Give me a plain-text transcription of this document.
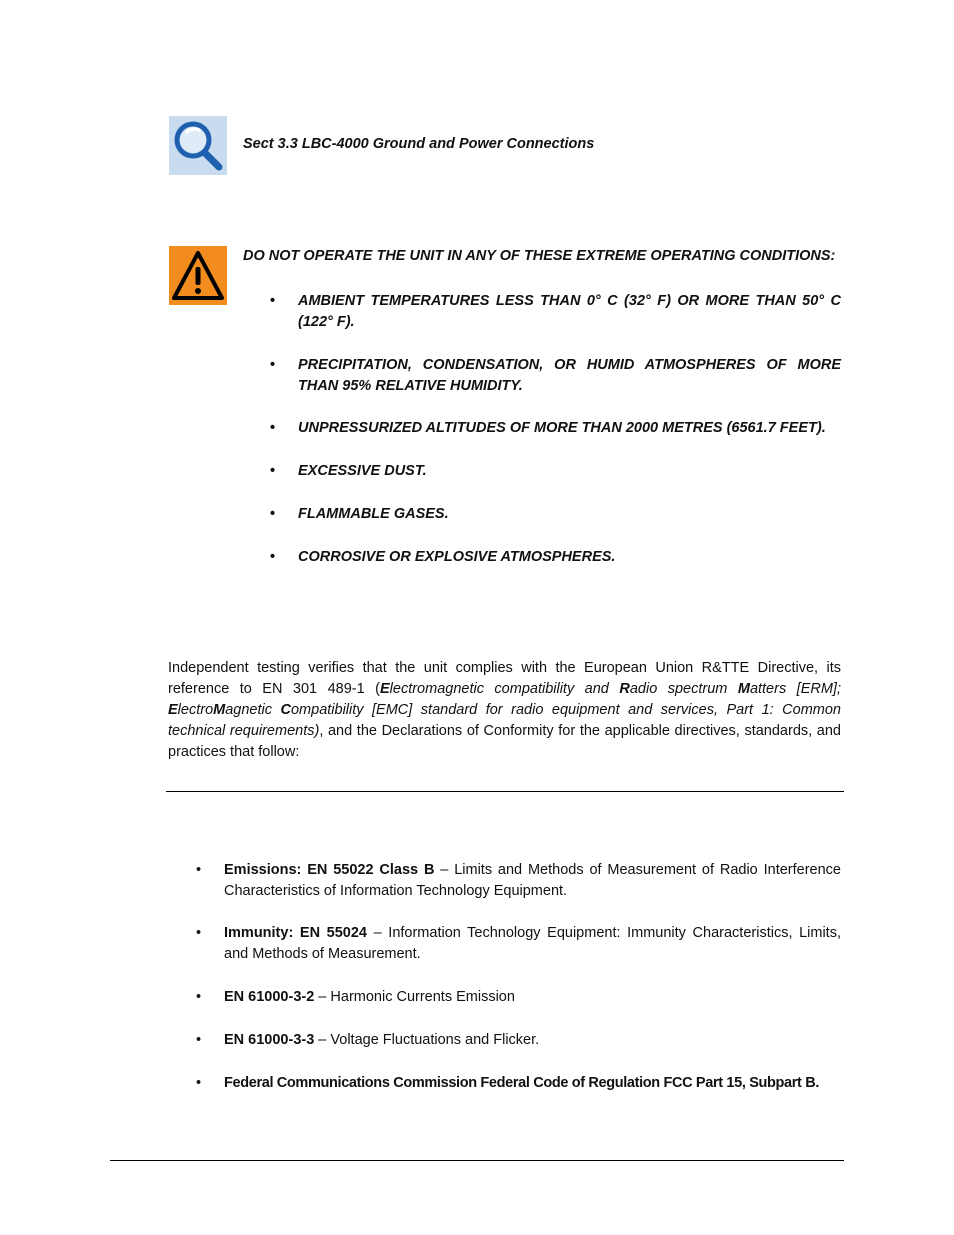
Sect 3.3 LBC-4000 Ground and Power Connections
DO NOT OPERATE THE UNIT IN ANY OF THESE EXTREME OPERATING CONDITIONS:
• AMBIENT TEMPERATURES LESS THAN 0° C (32° F) OR MORE THAN 50° C (122° F).
• PRECIPITATION, CONDENSATION, OR HUMID ATMOSPHERES OF MORE THAN 95% RELATIVE HUMIDITY.
• UNPRESSURIZED ALTITUDES OF MORE THAN 2000 METRES (6561.7 FEET).
• EXCESSIVE DUST.
• FLAMMABLE GASES.
• CORROSIVE OR EXPLOSIVE ATMOSPHERES.
Independent testing verifies that the unit complies with the European Union R&TTE Directive, its reference to EN 301 489-1 (Electromagnetic compatibility and Radio spectrum Matters [ERM]; ElectroMagnetic Compatibility [EMC] standard for radio equipment and services, Part 1: Common technical requirements), and the Declarations of Conformity for the applicable directives, standards, and practices that follow:
• Emissions: EN 55022 Class B – Limits and Methods of Measurement of Radio Interference Characteristics of Information Technology Equipment.
• Immunity: EN 55024 – Information Technology Equipment: Immunity Characteristics, Limits, and Methods of Measurement.
• EN 61000-3-2 – Harmonic Currents Emission
• EN 61000-3-3 – Voltage Fluctuations and Flicker.
• Federal Communications Commission Federal Code of Regulation FCC Part 15, Subpart B.
